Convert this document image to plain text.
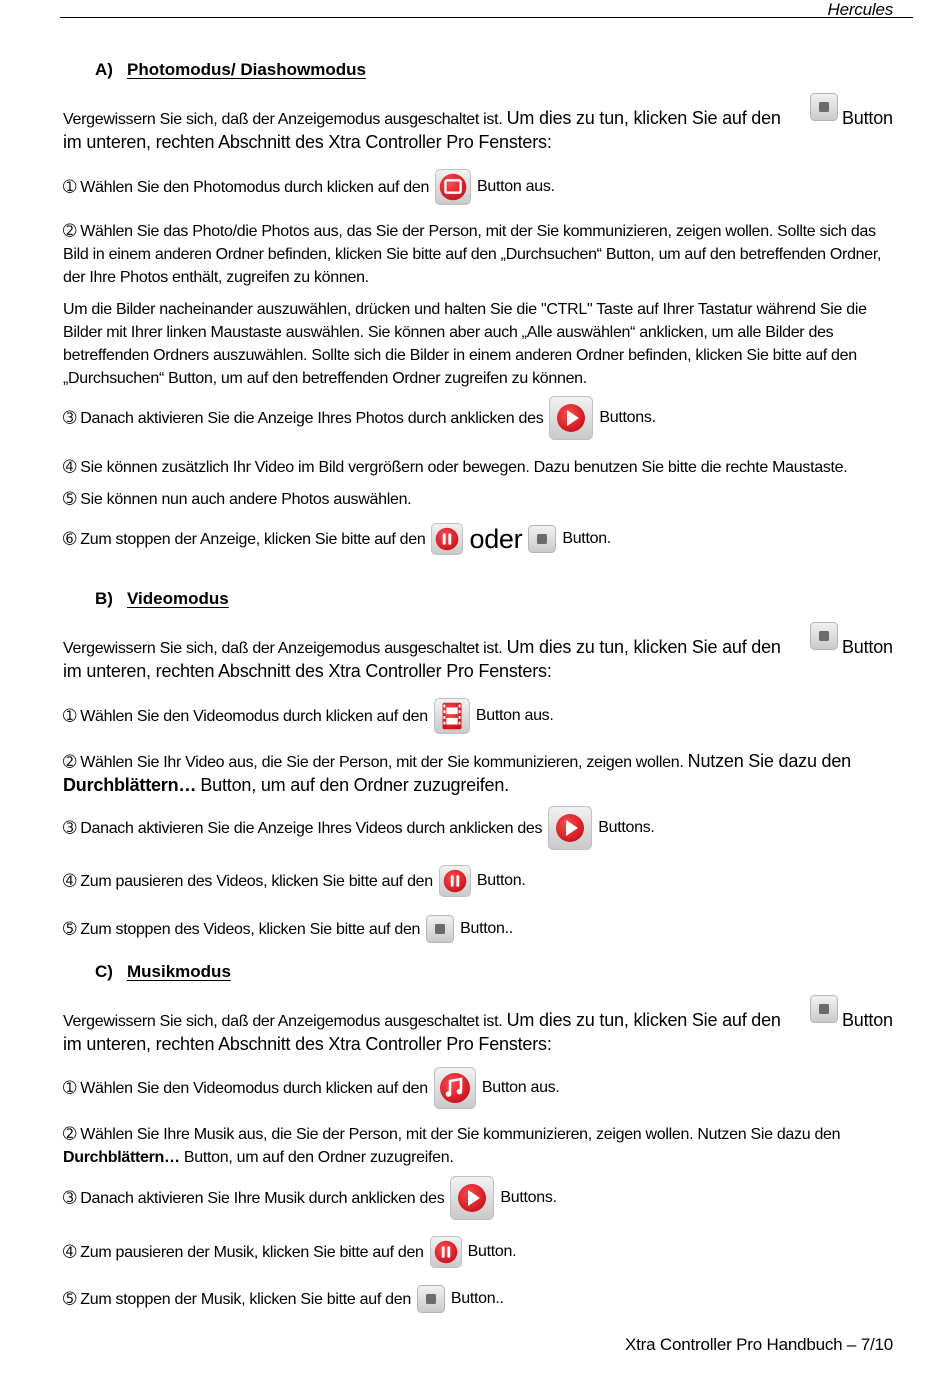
Hercules
A) Photomodus/ Diashowmodus
Vergewissern Sie sich, daß der Anzeigemodus ausgeschaltet ist. Um dies zu tun, klicken Sie auf den	Button
im unteren, rechten Abschnitt des Xtra Controller Pro Fensters:
➀ Wählen Sie den Photomodus durch klicken auf den	Button aus.
➁ Wählen Sie das Photo/die Photos aus, das Sie der Person, mit der Sie kommunizieren, zeigen wollen. Sollte sich das Bild in einem anderen Ordner befinden, klicken Sie bitte auf den „Durchsuchen“ Button, um auf den betreffenden Ordner, der Ihre Photos enthält, zugreifen zu können.
Um die Bilder nacheinander auszuwählen, drücken und halten Sie die "CTRL" Taste auf Ihrer Tastatur während Sie die Bilder mit Ihrer linken Maustaste auswählen. Sie können aber auch „Alle auswählen“ anklicken, um alle Bilder des betreffenden Ordners auszuwählen. Sollte sich die Bilder in einem anderen Ordner befinden, klicken Sie bitte auf den „Durchsuchen“ Button, um auf den betreffenden Ordner zugreifen zu können.
➂ Danach aktivieren Sie die Anzeige Ihres Photos durch anklicken des	Buttons.
➃ Sie können zusätzlich Ihr Video im Bild vergrößern oder bewegen. Dazu benutzen Sie bitte die rechte Maustaste.
➄ Sie können nun auch andere Photos auswählen.
➅ Zum stoppen der Anzeige, klicken Sie bitte auf den oder	Button.
B) Videomodus
Vergewissern Sie sich, daß der Anzeigemodus ausgeschaltet ist. Um dies zu tun, klicken Sie auf den	Button
im unteren, rechten Abschnitt des Xtra Controller Pro Fensters:
➀ Wählen Sie den Videomodus durch klicken auf den	Button aus.
➁ Wählen Sie Ihr Video aus, die Sie der Person, mit der Sie kommunizieren, zeigen wollen. Nutzen Sie dazu den Durchblättern… Button, um auf den Ordner zuzugreifen.
➂ Danach aktivieren Sie die Anzeige Ihres Videos durch anklicken des	Buttons.
➃ Zum pausieren des Videos, klicken Sie bitte auf den	Button.
➄ Zum stoppen des Videos, klicken Sie bitte auf den	Button..
C) Musikmodus
Vergewissern Sie sich, daß der Anzeigemodus ausgeschaltet ist. Um dies zu tun, klicken Sie auf den	Button
im unteren, rechten Abschnitt des Xtra Controller Pro Fensters:
➀ Wählen Sie den Videomodus durch klicken auf den	Button aus.
➁ Wählen Sie Ihre Musik aus, die Sie der Person, mit der Sie kommunizieren, zeigen wollen. Nutzen Sie dazu den Durchblättern… Button, um auf den Ordner zuzugreifen.
➂ Danach aktivieren Sie Ihre Musik durch anklicken des	Buttons.
➃ Zum pausieren der Musik, klicken Sie bitte auf den	Button.
➄ Zum stoppen der Musik, klicken Sie bitte auf den	Button..
Xtra Controller Pro Handbuch – 7/10
